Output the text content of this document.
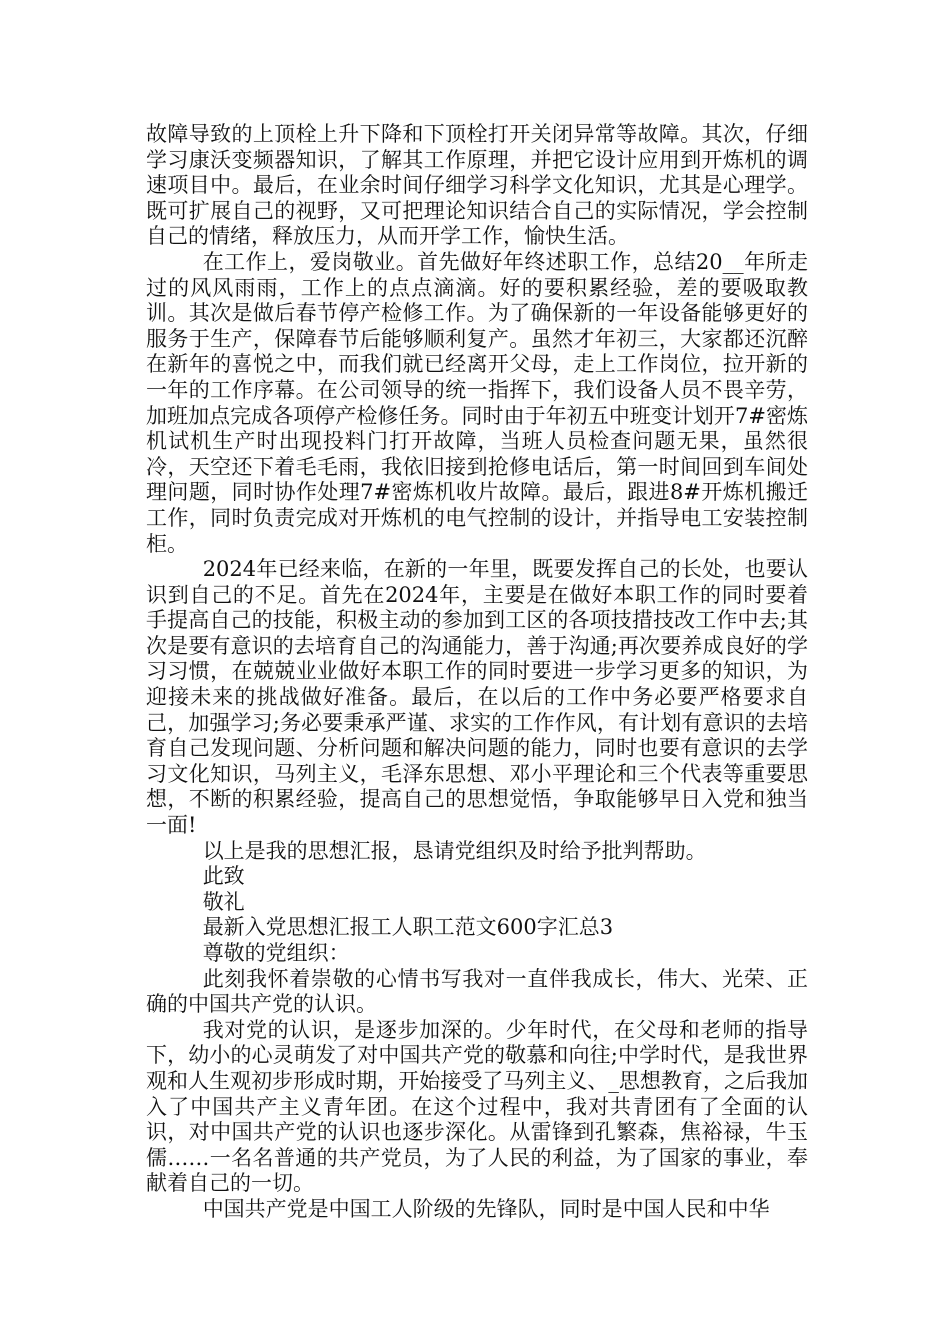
故障导致的上顶栓上升下降和下顶栓打开关闭异常等故障。其次，仔细学习康沃变频器知识，了解其工作原理，并把它设计应用到开炼机的调速项目中。最后，在业余时间仔细学习科学文化知识，尤其是心理学。既可扩展自己的视野，又可把理论知识结合自己的实际情况，学会控制自己的情绪，释放压力，从而开学工作，愉快生活。

在工作上，爱岗敬业。首先做好年终述职工作，总结20__年所走过的风风雨雨，工作上的点点滴滴。好的要积累经验，差的要吸取教训。其次是做后春节停产检修工作。为了确保新的一年设备能够更好的服务于生产，保障春节后能够顺利复产。虽然才年初三，大家都还沉醉在新年的喜悦之中，而我们就已经离开父母，走上工作岗位，拉开新的一年的工作序幕。在公司领导的统一指挥下，我们设备人员不畏辛劳，加班加点完成各项停产检修任务。同时由于年初五中班变计划开7#密炼机试机生产时出现投料门打开故障，当班人员检查问题无果，虽然很冷，天空还下着毛毛雨，我依旧接到抢修电话后，第一时间回到车间处理问题，同时协作处理7#密炼机收片故障。最后，跟进8#开炼机搬迁工作，同时负责完成对开炼机的电气控制的设计，并指导电工安装控制柜。

2024年已经来临，在新的一年里，既要发挥自己的长处，也要认识到自己的不足。首先在2024年，主要是在做好本职工作的同时要着手提高自己的技能，积极主动的参加到工区的各项技措技改工作中去;其次是要有意识的去培育自己的沟通能力，善于沟通;再次要养成良好的学习习惯，在兢兢业业做好本职工作的同时要进一步学习更多的知识，为迎接未来的挑战做好准备。最后，在以后的工作中务必要严格要求自己，加强学习;务必要秉承严谨、求实的工作作风，有计划有意识的去培育自己发现问题、分析问题和解决问题的能力，同时也要有意识的去学习文化知识，马列主义，毛泽东思想、邓小平理论和三个代表等重要思想，不断的积累经验，提高自己的思想觉悟，争取能够早日入党和独当一面!

以上是我的思想汇报，恳请党组织及时给予批判帮助。

此致

敬礼

最新入党思想汇报工人职工范文600字汇总3

尊敬的党组织：

此刻我怀着崇敬的心情书写我对一直伴我成长，伟大、光荣、正确的中国共产党的认识。

我对党的认识，是逐步加深的。少年时代，在父母和老师的指导下，幼小的心灵萌发了对中国共产党的敬慕和向往;中学时代，是我世界观和人生观初步形成时期，开始接受了马列主义、_思想教育，之后我加入了中国共产主义青年团。在这个过程中，我对共青团有了全面的认识，对中国共产党的认识也逐步深化。从雷锋到孔繁森，焦裕禄，牛玉儒……一名名普通的共产党员，为了人民的利益，为了国家的事业，奉献着自己的一切。

中国共产党是中国工人阶级的先锋队，同时是中国人民和中华
